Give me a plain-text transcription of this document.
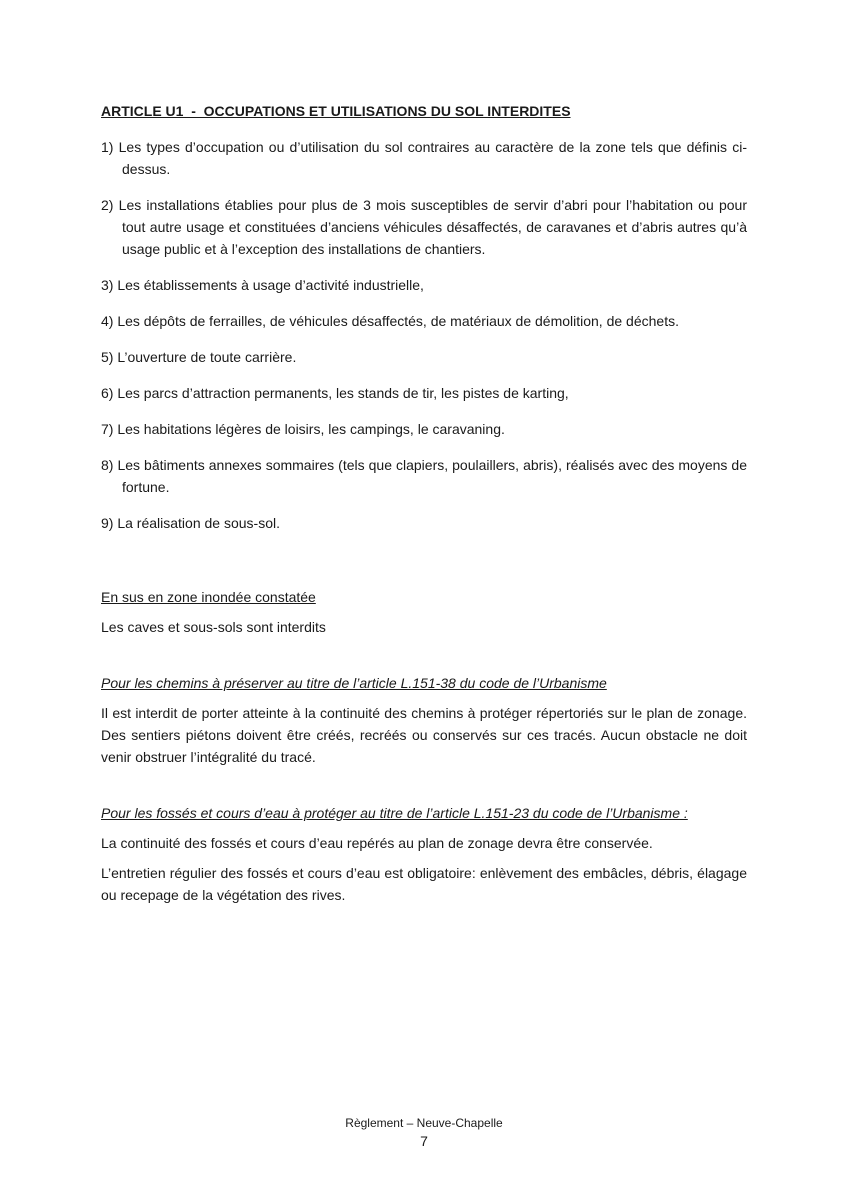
ARTICLE U1  -  OCCUPATIONS ET UTILISATIONS DU SOL INTERDITES
1) Les types d’occupation ou d’utilisation du sol contraires au caractère de la zone tels que définis ci-dessus.
2) Les installations établies pour plus de 3 mois susceptibles de servir d’abri pour l’habitation ou pour tout autre usage et constituées d’anciens véhicules désaffectés, de caravanes et d’abris autres qu’à usage public et à l’exception des installations de chantiers.
3) Les établissements à usage d’activité industrielle,
4) Les dépôts de ferrailles, de véhicules désaffectés, de matériaux de démolition, de déchets.
5) L’ouverture de toute carrière.
6) Les parcs d’attraction permanents, les stands de tir, les pistes de karting,
7) Les habitations légères de loisirs, les campings, le caravaning.
8) Les bâtiments annexes sommaires (tels que clapiers, poulaillers, abris), réalisés avec des moyens de fortune.
9) La réalisation de sous-sol.
En sus en zone inondée constatée
Les caves et sous-sols sont interdits
Pour les chemins à préserver au titre de l’article L.151-38 du code de l’Urbanisme
Il est interdit de porter atteinte à la continuité des chemins à protéger répertoriés sur le plan de zonage. Des sentiers piétons doivent être créés, recréés ou conservés sur ces tracés. Aucun obstacle ne doit venir obstruer l’intégralité du tracé.
Pour les fossés et cours d’eau à protéger au titre de l’article L.151-23 du code de l’Urbanisme :
La continuité des fossés et cours d’eau repérés au plan de zonage devra être conservée.
L’entretien régulier des fossés et cours d’eau est obligatoire: enlèvement des embâcles, débris, élagage ou recepage de la végétation des rives.
Règlement – Neuve-Chapelle
7
